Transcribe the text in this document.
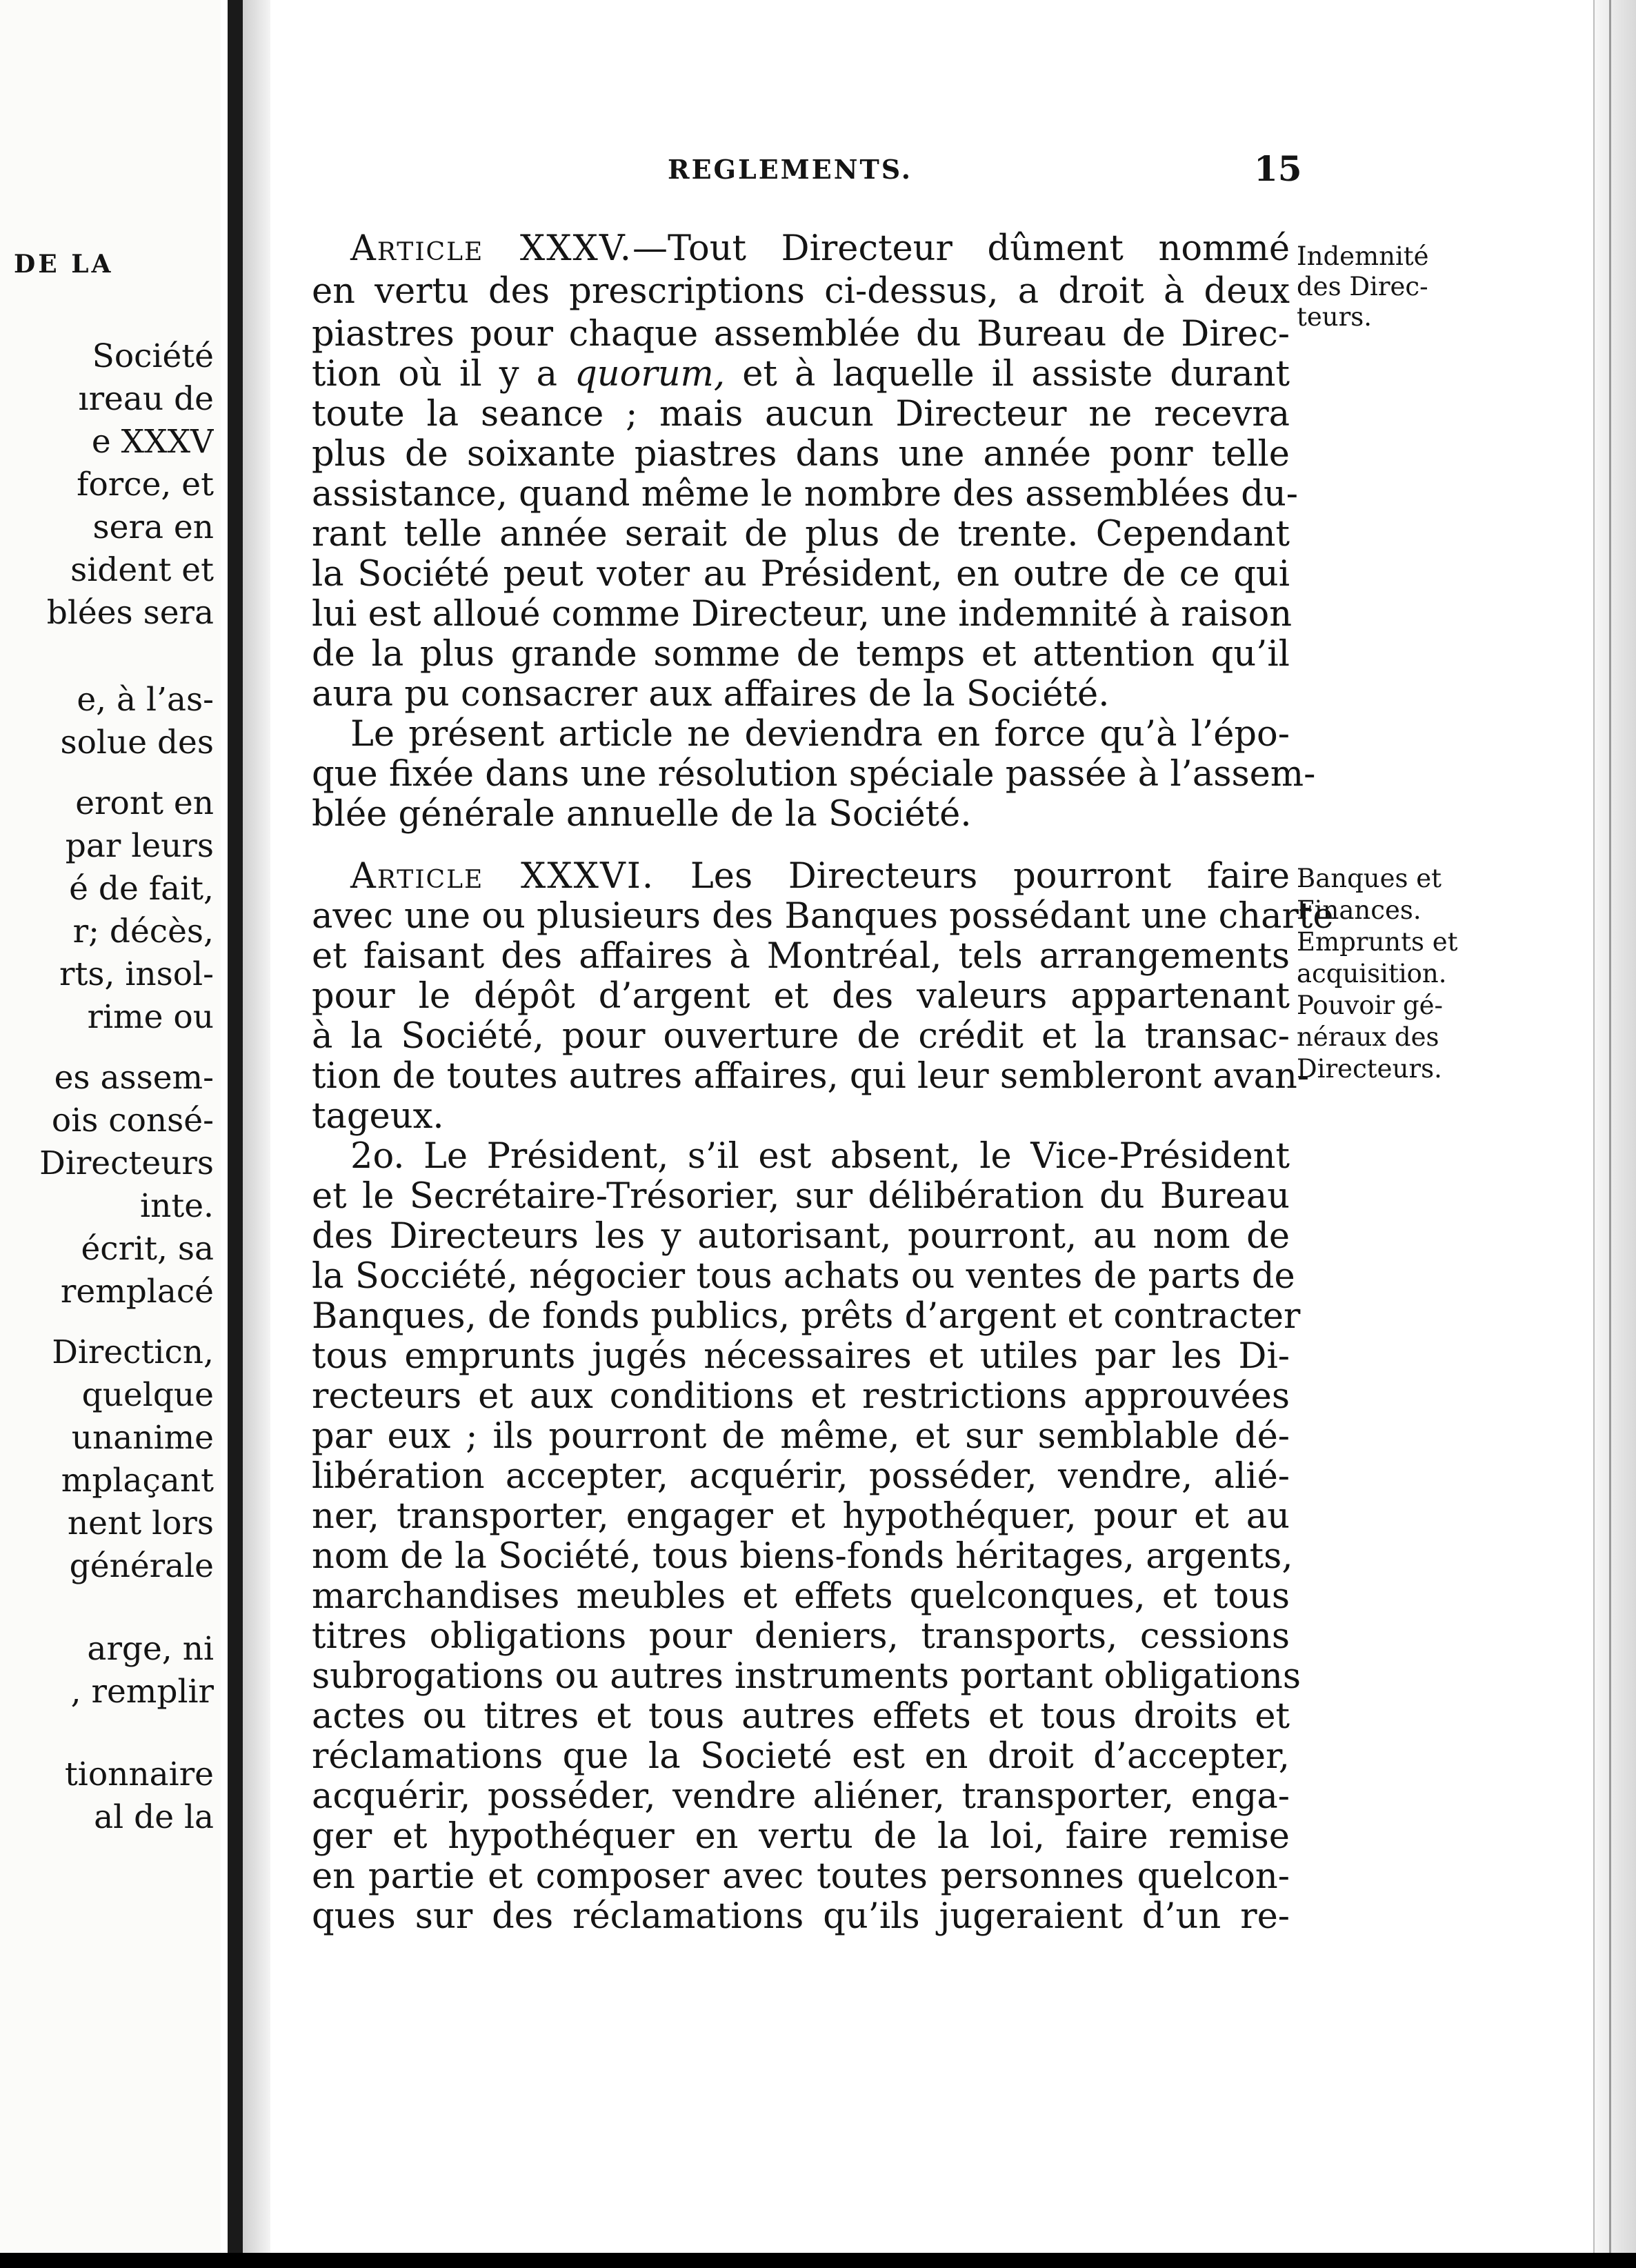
DE LA
Société
ıreau de
e XXXV
force, et
sera en
sident et
blées sera
e, à l’as-
solue des
eront en
par leurs
é de fait,
r; décès,
rts, insol-
rime ou
es assem-
ois consé-
Directeurs
inte.
écrit, sa
remplacé
Directicn,
quelque
unanime
mplaçant
nent lors
générale
arge, ni
, remplir
tionnaire
al de la
REGLEMENTS.	15
Article XXXV.—Tout Directeur dûment nommé
en vertu des prescriptions ci-dessus, a droit à deux
piastres pour chaque assemblée du Bureau de Direc-
tion où il y a quorum, et à laquelle il assiste durant
toute la seance ; mais aucun Directeur ne recevra
plus de soixante piastres dans une année ponr telle
assistance, quand même le nombre des assemblées du-
rant telle année serait de plus de trente. Cependant
la Société peut voter au Président, en outre de ce qui
lui est alloué comme Directeur, une indemnité à raison
de la plus grande somme de temps et attention qu’il
aura pu consacrer aux affaires de la Société.
Le présent article ne deviendra en force qu’à l’épo-
que fixée dans une résolution spéciale passée à l’assem-
blée générale annuelle de la Société.
Indemnité
des Direc-
teurs.
Article XXXVI. Les Directeurs pourront faire
avec une ou plusieurs des Banques possédant une charte
et faisant des affaires à Montréal, tels arrangements
pour le dépôt d’argent et des valeurs appartenant
à la Société, pour ouverture de crédit et la transac-
tion de toutes autres affaires, qui leur sembleront avan-
tageux.
2o. Le Président, s’il est absent, le Vice-Président
et le Secrétaire-Trésorier, sur délibération du Bureau
des Directeurs les y autorisant, pourront, au nom de
la Socciété, négocier tous achats ou ventes de parts de
Banques, de fonds publics, prêts d’argent et contracter
tous emprunts jugés nécessaires et utiles par les Di-
recteurs et aux conditions et restrictions approuvées
par eux ; ils pourront de même, et sur semblable dé-
libération accepter, acquérir, posséder, vendre, alié-
ner, transporter, engager et hypothéquer, pour et au
nom de la Société, tous biens-fonds héritages, argents,
marchandises meubles et effets quelconques, et tous
titres obligations pour deniers, transports, cessions
subrogations ou autres instruments portant obligations
actes ou titres et tous autres effets et tous droits et
réclamations que la Societé est en droit d’accepter,
acquérir, posséder, vendre aliéner, transporter, enga-
ger et hypothéquer en vertu de la loi, faire remise
en partie et composer avec toutes personnes quelcon-
ques sur des réclamations qu’ils jugeraient d’un re-
Banques et
Finances.
Emprunts et
acquisition.
Pouvoir gé-
néraux des
Directeurs.
